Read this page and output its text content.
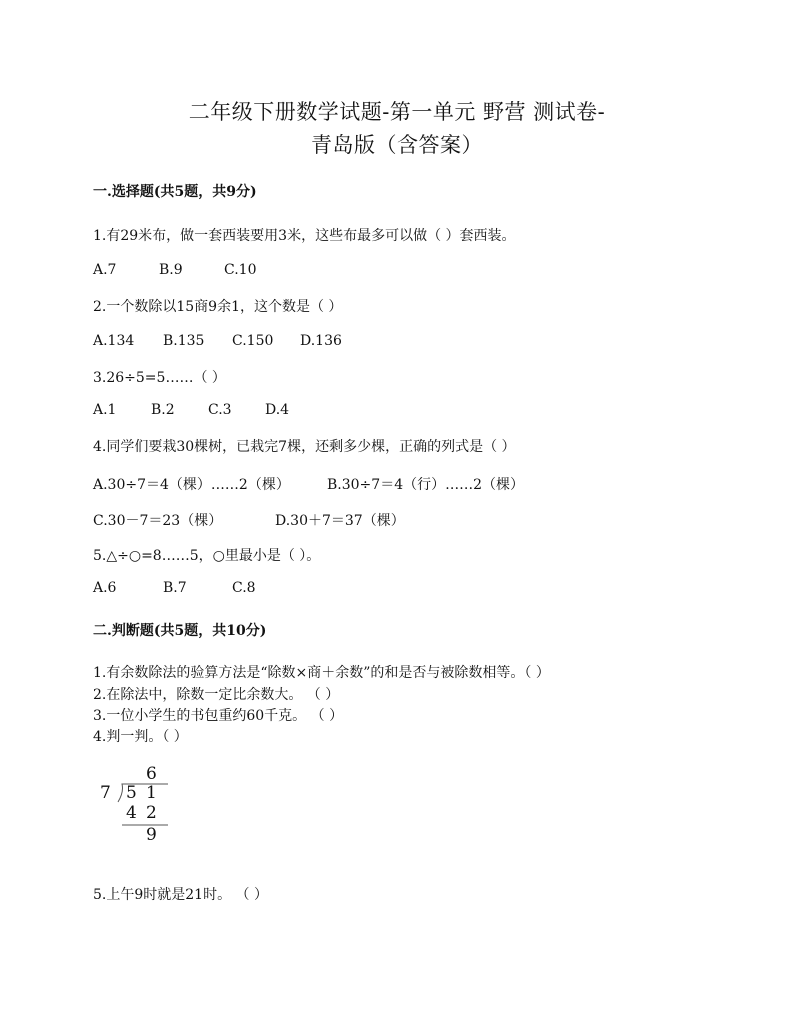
二年级下册数学试题-第一单元 野营 测试卷-
青岛版（含答案）
一.选择题(共5题，共9分)
1.有29米布，做一套西装要用3米，这些布最多可以做（ ）套西装。
A.7	B.9	C.10
2.一个数除以15商9余1，这个数是（ ）
A.134 B.135 C.150 D.136
3.26÷5=5……（ ）
A.1 B.2 C.3 D.4
4.同学们要栽30棵树，已栽完7棵，还剩多少棵，正确的列式是（ ）
A.30÷7＝4（棵）……2（棵）	B.30÷7＝4（行）……2（棵）
C.30－7＝23（棵）	D.30＋7＝37（棵）
5.△÷○=8……5，○里最小是（ ）。
A.6	B.7	C.8
二.判断题(共5题，共10分)
1.有余数除法的验算方法是“除数×商＋余数”的和是否与被除数相等。（ ）
2.在除法中，除数一定比余数大。 （ ）
3.一位小学生的书包重约60千克。 （ ）
4.判一判。（ ）
6
7 5 1
4 2
9
5.上午9时就是21时。 （ ）
